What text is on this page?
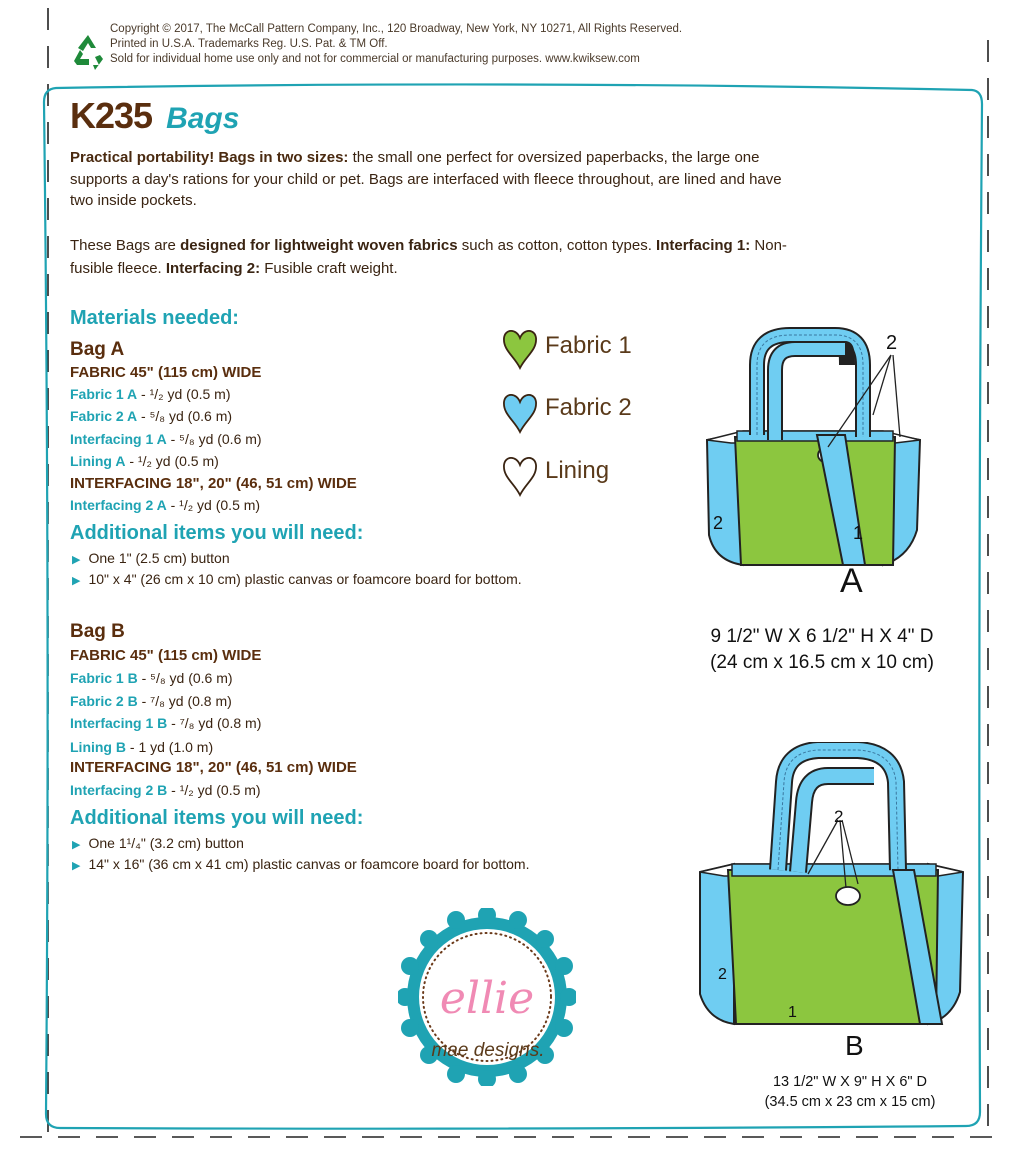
Copyright © 2017, The McCall Pattern Company, Inc., 120 Broadway, New York, NY 10271, All Rights Reserved.
Printed in U.S.A. Trademarks Reg. U.S. Pat. & TM Off.
Sold for individual home use only and not for commercial or manufacturing purposes. www.kwiksew.com
K235 Bags
Practical portability! Bags in two sizes: the small one perfect for oversized paperbacks, the large one supports a day's rations for your child or pet. Bags are interfaced with fleece throughout, are lined and have two inside pockets.
These Bags are designed for lightweight woven fabrics such as cotton, cotton types. Interfacing 1: Non-fusible fleece. Interfacing 2: Fusible craft weight.
Materials needed:
Bag A
FABRIC 45" (115 cm) WIDE
Fabric 1 A - ¹/₂ yd (0.5 m)
Fabric 2 A - ⁵/₈ yd (0.6 m)
Interfacing 1 A - ⁵/₈ yd (0.6 m)
Lining A - ¹/₂ yd (0.5 m)
INTERFACING 18", 20" (46, 51 cm) WIDE
Interfacing 2 A - ¹/₂ yd (0.5 m)
Additional items you will need:
▶ One 1" (2.5 cm) button
▶ 10" x 4" (26 cm x 10 cm) plastic canvas or foamcore board for bottom.
Bag B
FABRIC 45" (115 cm) WIDE
Fabric 1 B - ⁵/₈ yd (0.6 m)
Fabric 2 B - ⁷/₈ yd (0.8 m)
Interfacing 1 B - ⁷/₈ yd (0.8 m)
Lining B - 1 yd (1.0 m)
INTERFACING 18", 20" (46, 51 cm) WIDE
Interfacing 2 B - ¹/₂ yd (0.5 m)
Additional items you will need:
▶ One 1¹/₄" (3.2 cm) button
▶ 14" x 16" (36 cm x 41 cm) plastic canvas or foamcore board for bottom.
Fabric 1
Fabric 2
Lining
2
1
2
A
9 1/2" W X 6 1/2" H X 4" D
(24 cm x 16.5 cm x 10 cm)
2
1
2
B
13 1/2" W X 9" H X 6" D
(34.5 cm x 23 cm x 15 cm)
ellie
mae designs.
